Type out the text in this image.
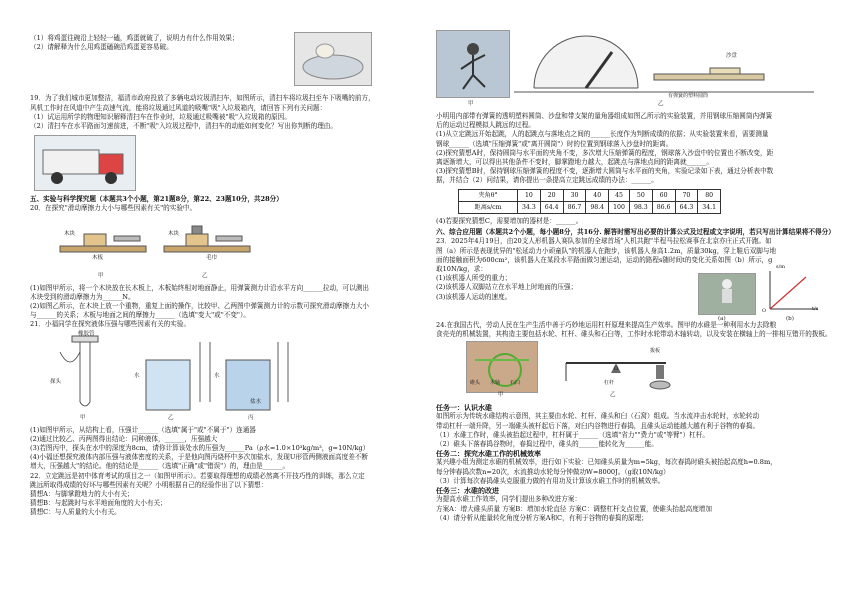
（1）将鸡蛋往碗沿上轻轻一磕，鸡蛋就破了，说明力有什么作用效果；

（2）请解释为什么用鸡蛋磕碗沿鸡蛋更容易破。

19．为了我们城市更加整洁，福清市政府投放了多辆电动垃圾清扫车，如图所示，清扫车将垃圾扫至车下吸嘴的前方，

风机工作时在风道中产生高速气流，能将垃圾通过风道的吸嘴"吸"入垃圾箱内，请回答下列有关问题：

（1）试运用所学的物理知识解释清扫车在作业时，垃圾通过吸嘴被"吸"入垃圾箱的原因。

（2）清扫车在水平路面匀速前进，不断"吸"入垃圾过程中，清扫车的动能如何变化？写出你判断的理由。

五、实验与科学探究题（本题共3个小题，第21题8分，第22、23题10分，共28分）

20．在探究"滑动摩擦力大小与哪些因素有关"的实验中。

木块	木块
木板	毛巾
甲	乙

(1)如图甲所示，将一个木块放在长木板上，木板始终相对地面静止，用弹簧测力计沿水平方向______拉动，可以测出

木块受到的滑动摩擦力为______N。

(2)如图乙所示，在木块上放一个重物，重复上面的操作，比较甲、乙两图中弹簧测力计的示数可探究滑动摩擦力大小

与______的关系；木板与地面之间的摩擦力______（选填"变大"或"不变"）。

21．小福同学在探究液体压强与哪些因素有关的实验。

橡胶管
探头
水	水
盐水
甲	乙	丙

(1)如图甲所示，从结构上看，压强计______（选填"属于"或"不属于"）连通器

(2)通过比较乙、丙两图得出结论：同种液体，______，压强越大

(3)若图丙中，探头在水中的深度为8cm，请你计算该处水的压强为______Pa（ρ水=1.0×10³kg/m³，g=10N/kg）

(4)小福还想探究液体内部压强与液体密度的关系，于是他向图丙烧杯中多次加盐水，发现U形管两侧液面高度差不断

增大，压强越大"的结论。他的结论是______（选填"正确"或"错误"）的，理由是______。

22．立定跳远是初中体育考试的项目之一（如图甲所示）。若要取得理想的成绩必然离不开技巧性的训练，那么立定

跳远所取得成绩的好坏与哪些因素有关呢？小明根据自己的经验作出了以下猜想：

猜想A：与脚掌蹬地力的大小有关；

猜想B：与起跳时与水平地面角度的大小有关；

猜想C：与人质量的大小有关。

沙盘
有弹簧的塑料圆筒
甲	乙

小明用内部带有弹簧的透明塑料圆筒、沙盘和带支架的量角器组成如图乙所示的实验装置，并用钢球压缩圆筒内弹簧

后的运动过程模拟人跳远的过程。

(1)从立定跳远开始起跳，人的起跳点与落地点之间的______长度作为判断成绩的依据；从实验装置来看，需要测量

钢球______（选填"压缩弹簧"或"离开圆筒"）时的位置到钢球落入沙盘时的距离。

(2)探究猜想A时，保持圆筒与水平面的夹角不变，多次增大压缩弹簧的程度，钢球落入沙盘中的位置也不断改变，距

离逐渐增大，可以得出其他条件不变时，脚掌蹬地力越大，起跳点与落地点间的距离就______。

(3)探究猜想B时，保持钢球压缩弹簧的程度不变，逐渐增大圆筒与水平面的夹角，实验记录如下表，通过分析表中数

据，并结合（2）问结果，请你提出一条提高立定跳远成绩的办法：______。

夹角θ°	10	20	30	40	45	50	60	70	80
距离s/cm	34.3	64.4	86.7	98.4	100	98.3	86.6	64.3	34.1

(4)若要探究猜想C，需要增加的器材是：______。

六、综合应用题（本题共2个小题，每小题8分，共16分. 解答时需写出必要的计算公式及过程或文字说明，若只写出计算结果将不得分）

23．2025年4月19日，由20支人形机器人赛队参加的全球首场"人机共跑"半程马拉松赛事在北京亦庄正式开跑。如

图（a）所示是表现优异的"松延动力小顽童队"的机器人在跑步，该机器人身高1.2m，质量30kg，穿上鞋后双脚与地

面的接触面积为600cm²，该机器人在某段水平路面做匀速运动，运动的路程s随时间t的变化关系如图（b）所示，g

取10N/kg，求：

(1)该机器人所受的重力；

(2)该机器人双脚站立在水平地上时地面的压强；

(3)该机器人运动的速度。

s/m
t/s
O
(a)	(b)

24.在我国古代，劳动人民在生产生活中善于巧妙地运用杠杆原理来提高生产效率。图甲的水碓是一种利用水力去除粮

食壳壳的机械装置，其构造主要包括水轮、杠杆、碓头和石臼等，工作时水轮带动木轴转动，以及安装在横轴上的一排相互错开的拨板。

拨板
碓头 木轴 石臼	杠杆
O
甲	乙

任务一：认识水碓

如图所示为传统水碓结构示意图，其主要由水轮、杠杆、碓头和臼（石窝）组成。当水流冲击水轮时，水轮转动

带动杠杆一端升降，另一端碓头被杆起后下落，对臼内谷物进行春捣，且碓头运动能越大越有利于谷物的春捣。

（1）水碓工作时，碓头被抬起过程中，杠杆属于______（选填"省力""费力"或"等臂"）杠杆。

（2）碓头下落春捣谷物时，春捣过程中，碓头的______能转化为______能。

任务二：探究水碓工作的机械效率

某兴趣小组为测定水碓的机械效率，进行如下实验：已知碓头质量为m=5kg，每次春捣时碓头被抬起高度h=0.8m，

每分钟春捣次数n=20次，水流推动水轮每分钟做功W=8000J。（g取10N/kg）

（3）计算每次春捣碓头克服重力做的有用功及计算该水碓工作时的机械效率。

任务三：水碓的改进

为提高水碓工作效率，同学们提出多种改进方案：

方案A：增大碓头质量 方案B：增加水轮直径 方案C：调整杠杆支点位置，使碓头抬起高度增加

（4）请分析从能量转化角度分析方案A和C，有利于谷物的春捣的原理；
